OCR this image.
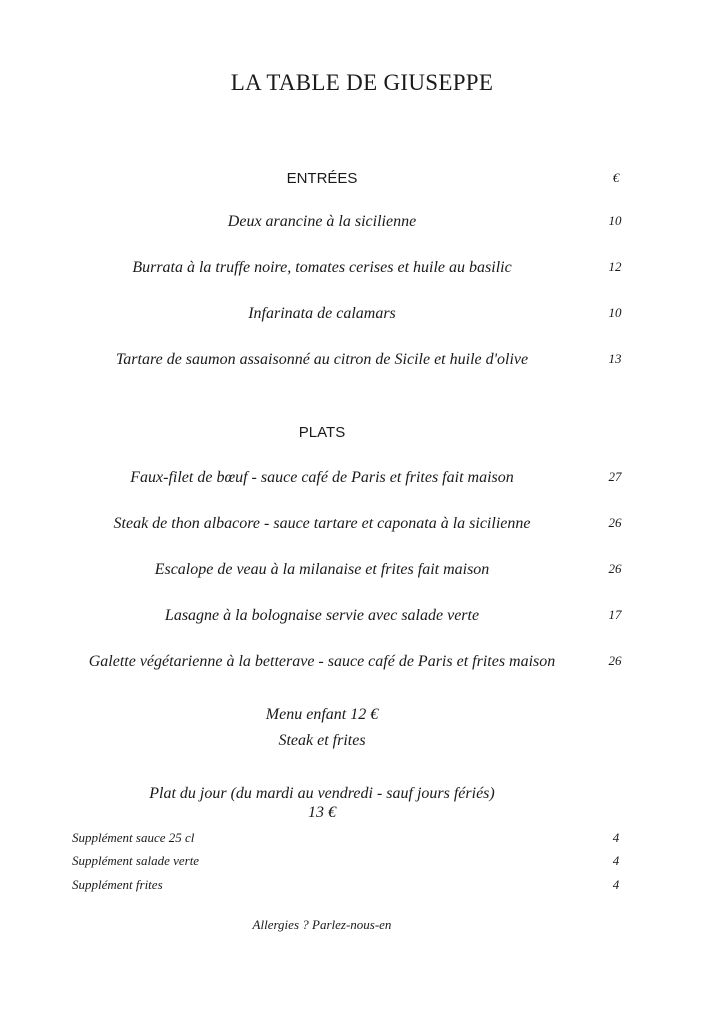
LA TABLE DE GIUSEPPE
ENTRÉES	€
Deux arancine à la sicilienne	10
Burrata à la truffe noire, tomates cerises et huile au basilic	12
Infarinata de calamars	10
Tartare de saumon assaisonné au citron de Sicile et huile d'olive	13
PLATS
Faux-filet de bœuf - sauce café de Paris et frites fait maison	27
Steak de thon albacore - sauce tartare et caponata à la sicilienne	26
Escalope de veau à la milanaise et frites fait maison	26
Lasagne à la bolognaise servie avec salade verte	17
Galette végétarienne à la betterave - sauce café de Paris et frites maison	26
Menu enfant 12 €
Steak et frites
Plat du jour (du mardi au vendredi - sauf jours fériés)
13 €
Supplément sauce 25 cl	4
Supplément salade verte	4
Supplément frites	4
Allergies ? Parlez-nous-en
